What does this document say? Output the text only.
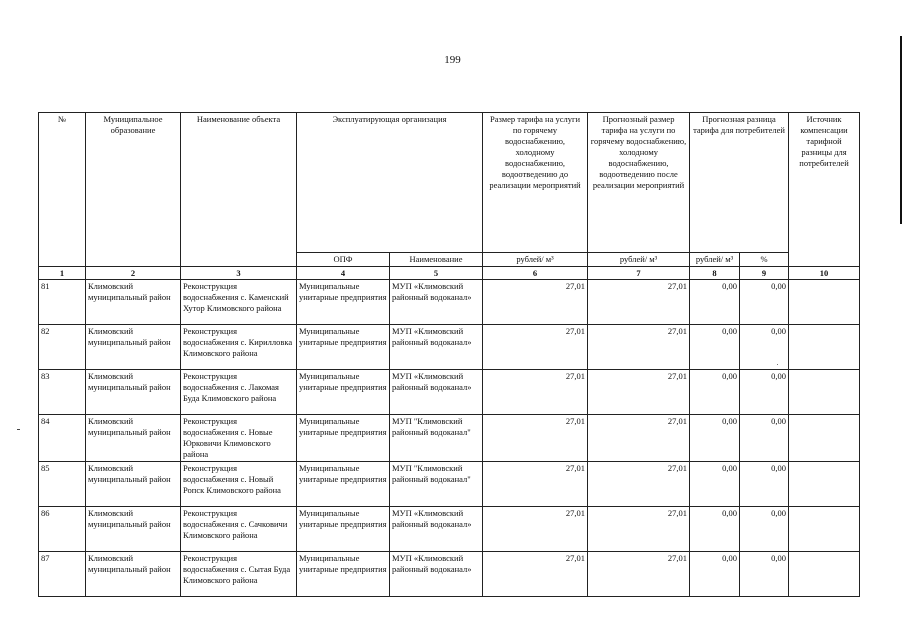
199
№	Муниципальное образование	Наименование объекта	Эксплуатирующая организация		Размер тарифа на услуги по горячему водоснабжению, холодному водоснабжению, водоотведению до реализации мероприятий	Прогнозный размер тарифа на услуги по горячему водоснабжению, холодному водоснабжению, водоотведению после реализации мероприятий	Прогнозная разница тарифа для потребителей		Источник компенсации тарифной разницы для потребителей
			ОПФ	Наименование	рублей/ м³	рублей/ м³	рублей/ м³	%	
1	2	3	4	5	6	7	8	9	10
81	Климовский муниципальный район	Реконструкция водоснабжения с. Каменский Хутор Климовского района	Муниципальные унитарные предприятия	МУП «Климовский районный водоканал»	27,01	27,01	0,00	0,00	
82	Климовский муниципальный район	Реконструкция водоснабжения с. Кирилловка Климовского района	Муниципальные унитарные предприятия	МУП «Климовский районный водоканал»	27,01	27,01	0,00	0,00	
83	Климовский муниципальный район	Реконструкция водоснабжения с. Лакомая Буда Климовского района	Муниципальные унитарные предприятия	МУП «Климовский районный водоканал»	27,01	27,01	0,00	0,00	
84	Климовский муниципальный район	Реконструкция водоснабжения с. Новые Юрковичи Климовского района	Муниципальные унитарные предприятия	МУП "Климовский районный водоканал"	27,01	27,01	0,00	0,00	
85	Климовский муниципальный район	Реконструкция водоснабжения с. Новый Ропск Климовского района	Муниципальные унитарные предприятия	МУП "Климовский районный водоканал"	27,01	27,01	0,00	0,00	
86	Климовский муниципальный район	Реконструкция водоснабжения с. Сачковичи Климовского района	Муниципальные унитарные предприятия	МУП «Климовский районный водоканал»	27,01	27,01	0,00	0,00	
87	Климовский муниципальный район	Реконструкция водоснабжения с. Сытая Буда Климовского района	Муниципальные унитарные предприятия	МУП «Климовский районный водоканал»	27,01	27,01	0,00	0,00	
